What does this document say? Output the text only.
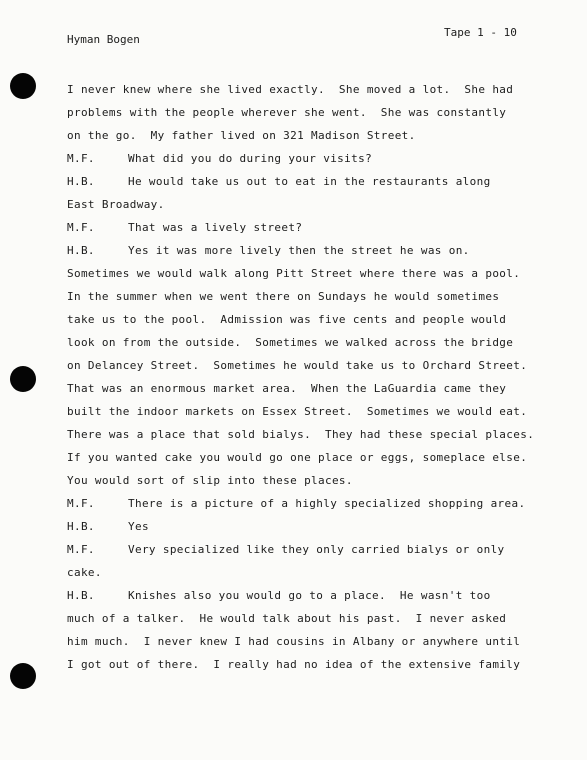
Hyman Bogen
Tape 1 - 10
I never knew where she lived exactly.  She moved a lot.  She had
problems with the people wherever she went.  She was constantly
on the go.  My father lived on 321 Madison Street.
M.F.	What did you do during your visits?
H.B.	He would take us out to eat in the restaurants along
East Broadway.
M.F.	That was a lively street?
H.B.	Yes it was more lively then the street he was on.
Sometimes we would walk along Pitt Street where there was a pool.
In the summer when we went there on Sundays he would sometimes
take us to the pool.  Admission was five cents and people would
look on from the outside.  Sometimes we walked across the bridge
on Delancey Street.  Sometimes he would take us to Orchard Street.
That was an enormous market area.  When the LaGuardia came they
built the indoor markets on Essex Street.  Sometimes we would eat.
There was a place that sold bialys.  They had these special places.
If you wanted cake you would go one place or eggs, someplace else.
You would sort of slip into these places.
M.F.	There is a picture of a highly specialized shopping area.
H.B.	Yes
M.F.	Very specialized like they only carried bialys or only
cake.
H.B.	Knishes also you would go to a place.  He wasn't too
much of a talker.  He would talk about his past.  I never asked
him much.  I never knew I had cousins in Albany or anywhere until
I got out of there.  I really had no idea of the extensive family
